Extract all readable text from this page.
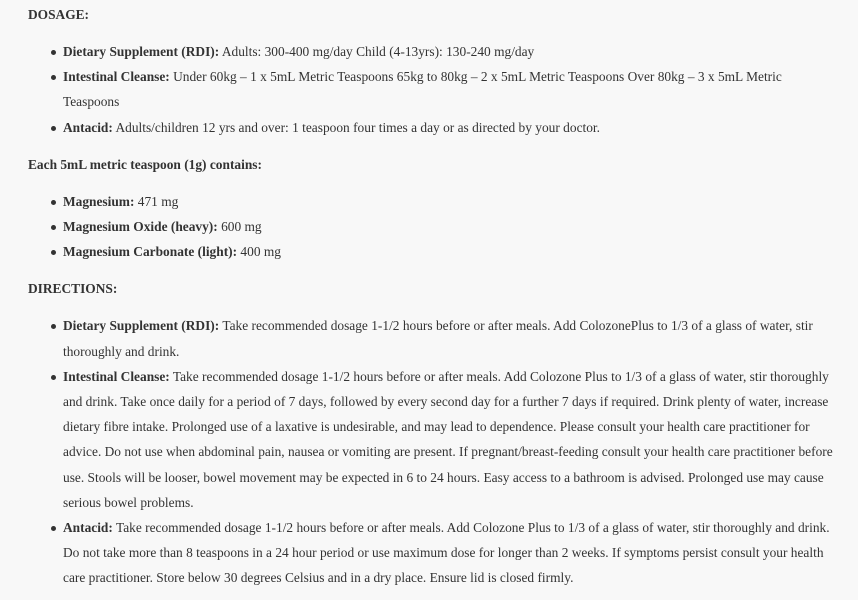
DOSAGE:

Dietary Supplement (RDI): Adults: 300-400 mg/day Child (4-13yrs): 130-240 mg/day
Intestinal Cleanse: Under 60kg – 1 x 5mL Metric Teaspoons 65kg to 80kg – 2 x 5mL Metric Teaspoons Over 80kg – 3 x 5mL Metric Teaspoons
Antacid: Adults/children 12 yrs and over: 1 teaspoon four times a day or as directed by your doctor.

Each 5mL metric teaspoon (1g) contains:

Magnesium: 471 mg
Magnesium Oxide (heavy): 600 mg
Magnesium Carbonate (light): 400 mg

DIRECTIONS:

Dietary Supplement (RDI): Take recommended dosage 1-1/2 hours before or after meals. Add ColozonePlus to 1/3 of a glass of water, stir thoroughly and drink.
Intestinal Cleanse: Take recommended dosage 1-1/2 hours before or after meals. Add Colozone Plus to 1/3 of a glass of water, stir thoroughly and drink. Take once daily for a period of 7 days, followed by every second day for a further 7 days if required. Drink plenty of water, increase dietary fibre intake. Prolonged use of a laxative is undesirable, and may lead to dependence. Please consult your health care practitioner for advice. Do not use when abdominal pain, nausea or vomiting are present. If pregnant/breast-feeding consult your health care practitioner before use. Stools will be looser, bowel movement may be expected in 6 to 24 hours. Easy access to a bathroom is advised. Prolonged use may cause serious bowel problems.
Antacid: Take recommended dosage 1-1/2 hours before or after meals. Add Colozone Plus to 1/3 of a glass of water, stir thoroughly and drink. Do not take more than 8 teaspoons in a 24 hour period or use maximum dose for longer than 2 weeks. If symptoms persist consult your health care practitioner. Store below 30 degrees Celsius and in a dry place. Ensure lid is closed firmly.
